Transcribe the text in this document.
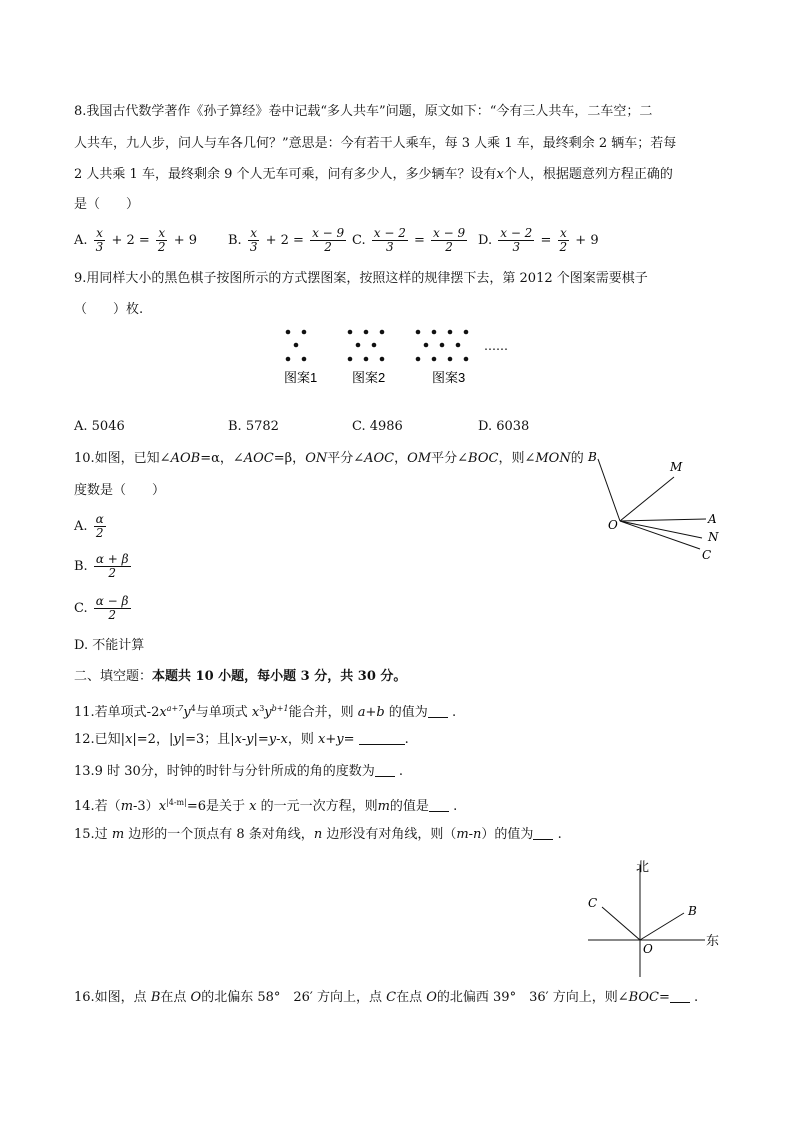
8.我国古代数学著作《孙子算经》卷中记载“多人共车”问题，原文如下：“今有三人共车，二车空；二
人共车，九人步，问人与车各几何？”意思是：今有若干人乘车，每 3 人乘 1 车，最终剩余 2 辆车；若每
2 人共乘 1 车，最终剩余 9 个人无车可乘，问有多少人，多少辆车？设有x个人，根据题意列方程正确的
是（　　）
A. $\frac{x}{3} + 2 = \frac{x}{2} + 9$ B. $\frac{x}{3} + 2 = \frac{x - 9}{2} C$. $\frac{x - 2}{3} = \frac{x - 9}{2} D$. $\frac{x - 2}{3} = \frac{x}{2} + 9$
9.用同样大小的黑色棋子按图所示的方式摆图案，按照这样的规律摆下去，第 2012 个图案需要棋子
（　　）枚.
……
图案1	图案2	图案3
A. 5046	B. 5782	C. 4986	D. 6038
10.如图，已知∠AOB=α，∠AOC=β，ON平分∠AOC，OM平分∠BOC，则∠MON的
度数是（　　）
A. $\frac{\alpha}{2}$
B. $\frac{\alpha + \beta}{2}$
C. $\frac{\alpha - \beta}{2}$
D. 不能计算
B
M
O	A
N
C
二、填空题：本题共 10 小题，每小题 3 分，共 30 分。
11.若单项式$-2x^{a+7}y^4$与单项式 $x^3y^{b+1}$能合并，则 a+b 的值为 .
12.已知|x|=2，|y|=3；且|x-y|=y-x，则 x+y=	.
13.9 时 30分，时钟的时针与分针所成的角的度数为 .
14.若$(m-3)x^{|4-m|}=6$是关于 x 的一元一次方程，则m的值是 .
15.过 m 边形的一个顶点有 8 条对角线，n 边形没有对角线，则（m-n）的值为 .
北
东
B
C
O
16.如图，点 B在点 O的北偏东 58°　26′ 方向上，点 C在点 O的北偏西 39°　36′ 方向上，则∠BOC= .
